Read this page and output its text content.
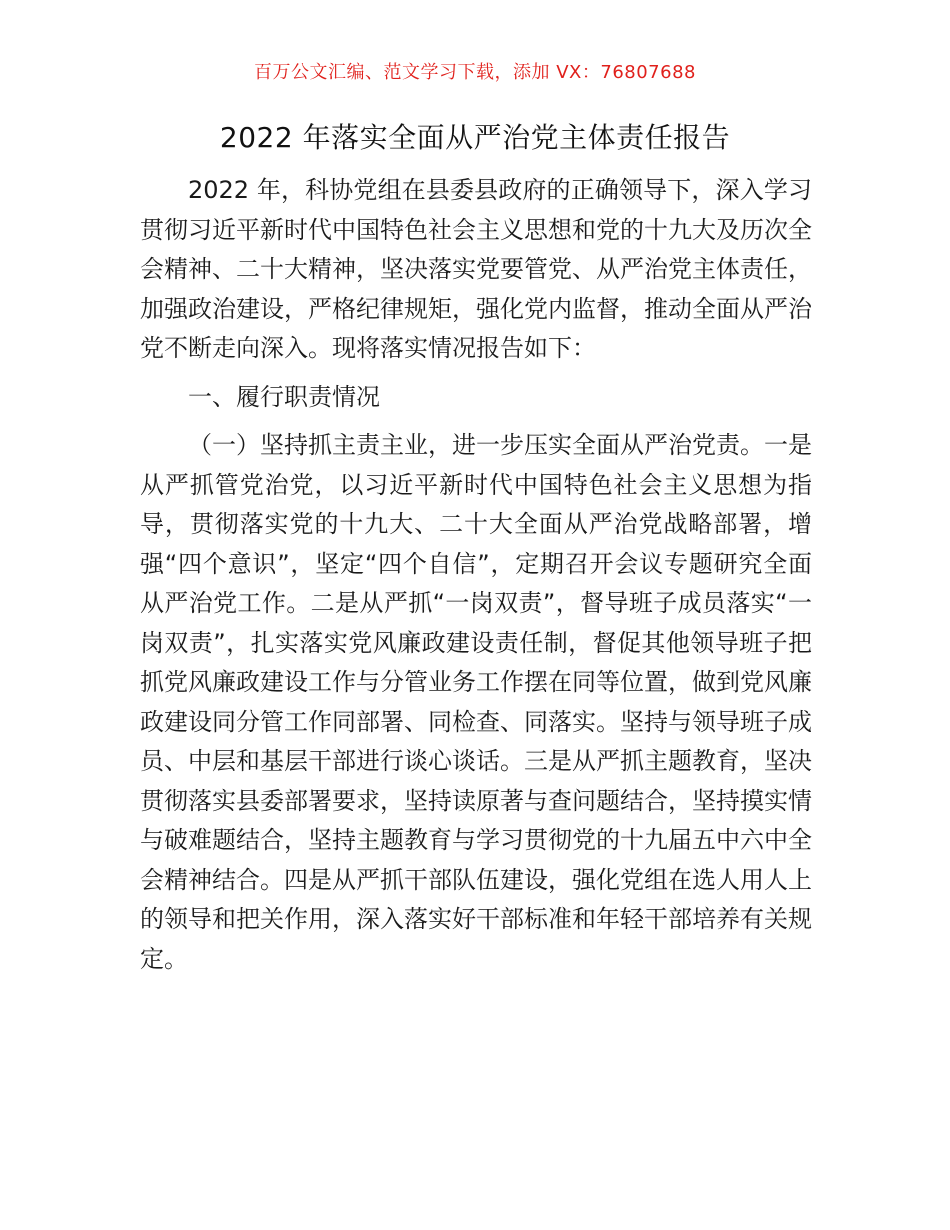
百万公文汇编、范文学习下载，添加 VX：76807688
2022 年落实全面从严治党主体责任报告

2022 年，科协党组在县委县政府的正确领导下，深入学习贯彻习近平新时代中国特色社会主义思想和党的十九大及历次全会精神、二十大精神，坚决落实党要管党、从严治党主体责任，加强政治建设，严格纪律规矩，强化党内监督，推动全面从严治党不断走向深入。现将落实情况报告如下：

一、履行职责情况

（一）坚持抓主责主业，进一步压实全面从严治党责。一是从严抓管党治党，以习近平新时代中国特色社会主义思想为指导，贯彻落实党的十九大、二十大全面从严治党战略部署，增强“四个意识”，坚定“四个自信”，定期召开会议专题研究全面从严治党工作。二是从严抓“一岗双责”，督导班子成员落实“一岗双责”，扎实落实党风廉政建设责任制，督促其他领导班子把抓党风廉政建设工作与分管业务工作摆在同等位置，做到党风廉政建设同分管工作同部署、同检查、同落实。坚持与领导班子成员、中层和基层干部进行谈心谈话。三是从严抓主题教育，坚决贯彻落实县委部署要求，坚持读原著与查问题结合，坚持摸实情与破难题结合，坚持主题教育与学习贯彻党的十九届五中六中全会精神结合。四是从严抓干部队伍建设，强化党组在选人用人上的领导和把关作用，深入落实好干部标准和年轻干部培养有关规定。
